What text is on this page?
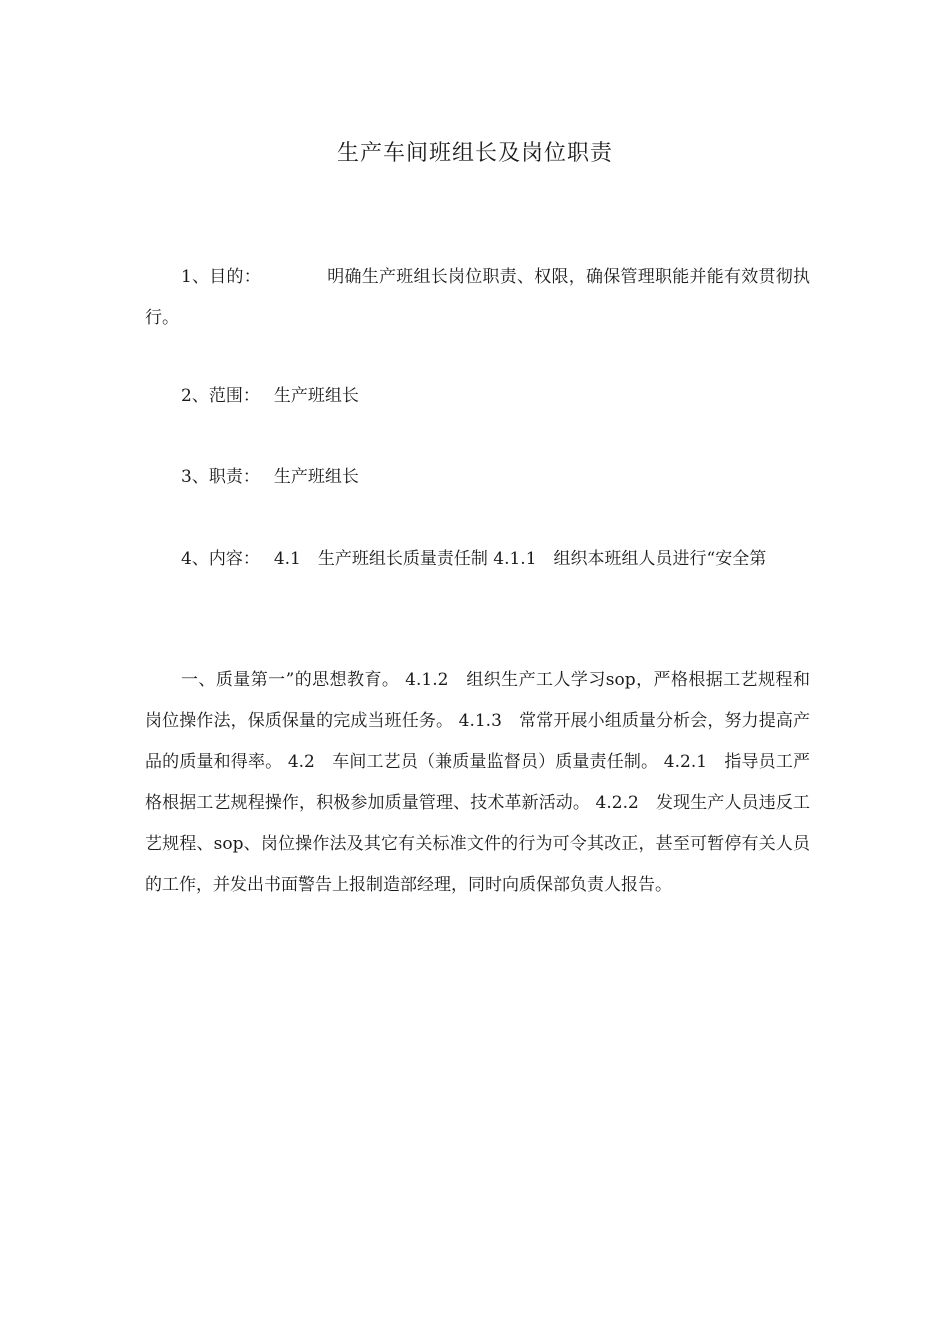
生产车间班组长及岗位职责
1、目的：	明确生产班组长岗位职责、权限，确保管理职能并能有效贯彻执行。
2、范围： 生产班组长
3、职责： 生产班组长
4、内容： 4.1　生产班组长质量责任制 4.1.1　组织本班组人员进行“安全第
一、质量第一”的思想教育。 4.1.2　组织生产工人学习sop，严格根据工艺规程和岗位操作法，保质保量的完成当班任务。 4.1.3　常常开展小组质量分析会，努力提高产品的质量和得率。 4.2　车间工艺员（兼质量监督员）质量责任制。 4.2.1　指导员工严格根据工艺规程操作，积极参加质量管理、技术革新活动。 4.2.2　发现生产人员违反工艺规程、sop、岗位操作法及其它有关标准文件的行为可令其改正，甚至可暂停有关人员的工作，并发出书面警告上报制造部经理，同时向质保部负责人报告。
